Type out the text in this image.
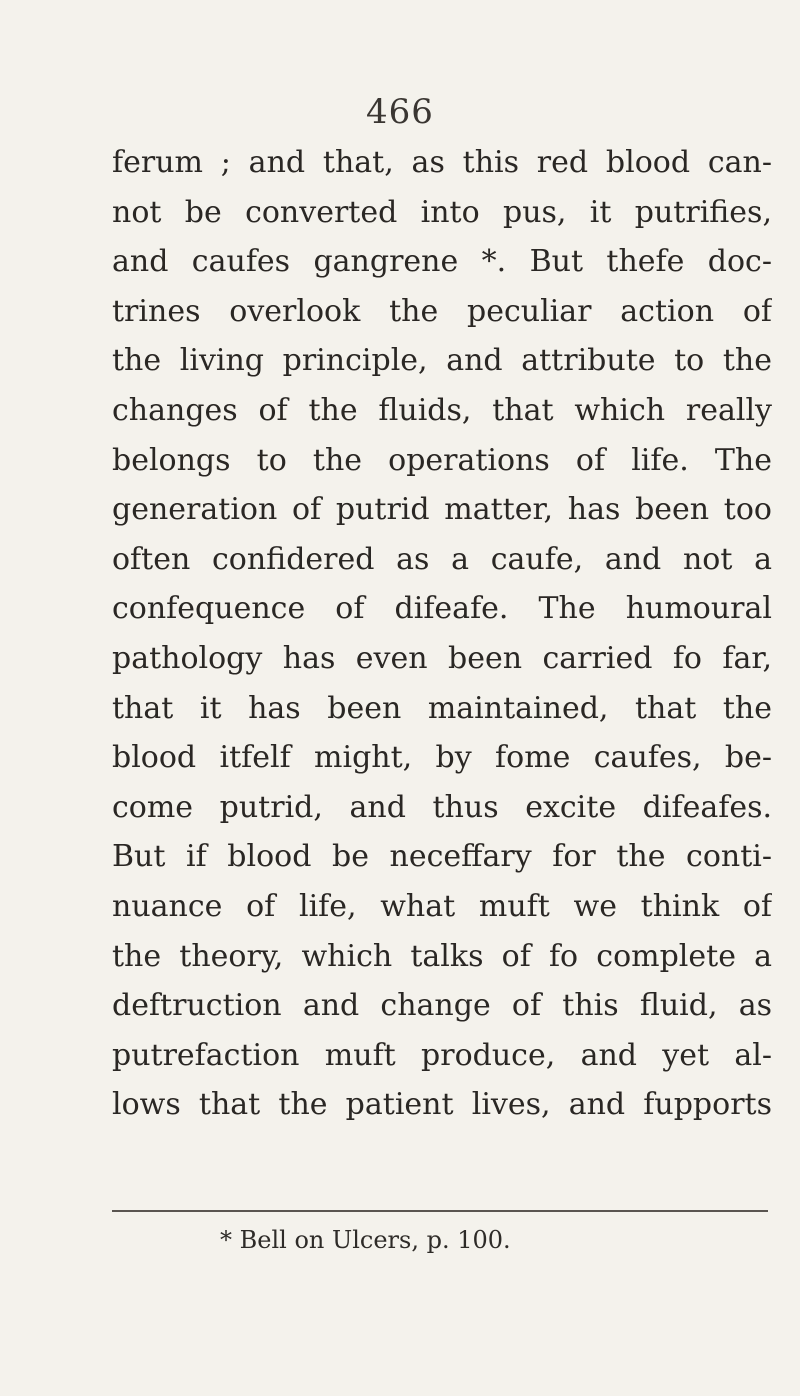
466
ferum ; and that, as this red blood can-
not be converted into pus, it putrifies,
and caufes gangrene *. But thefe doc-
trines overlook the peculiar action of
the living principle, and attribute to the
changes of the fluids, that which really
belongs to the operations of life. The
generation of putrid matter, has been too
often confidered as a caufe, and not a
confequence of difeafe. The humoural
pathology has even been carried fo far,
that it has been maintained, that the
blood itfelf might, by fome caufes, be-
come putrid, and thus excite difeafes.
But if blood be neceffary for the conti-
nuance of life, what muft we think of
the theory, which talks of fo complete a
deftruction and change of this fluid, as
putrefaction muft produce, and yet al-
lows that the patient lives, and fupports
* Bell on Ulcers, p. 100.
